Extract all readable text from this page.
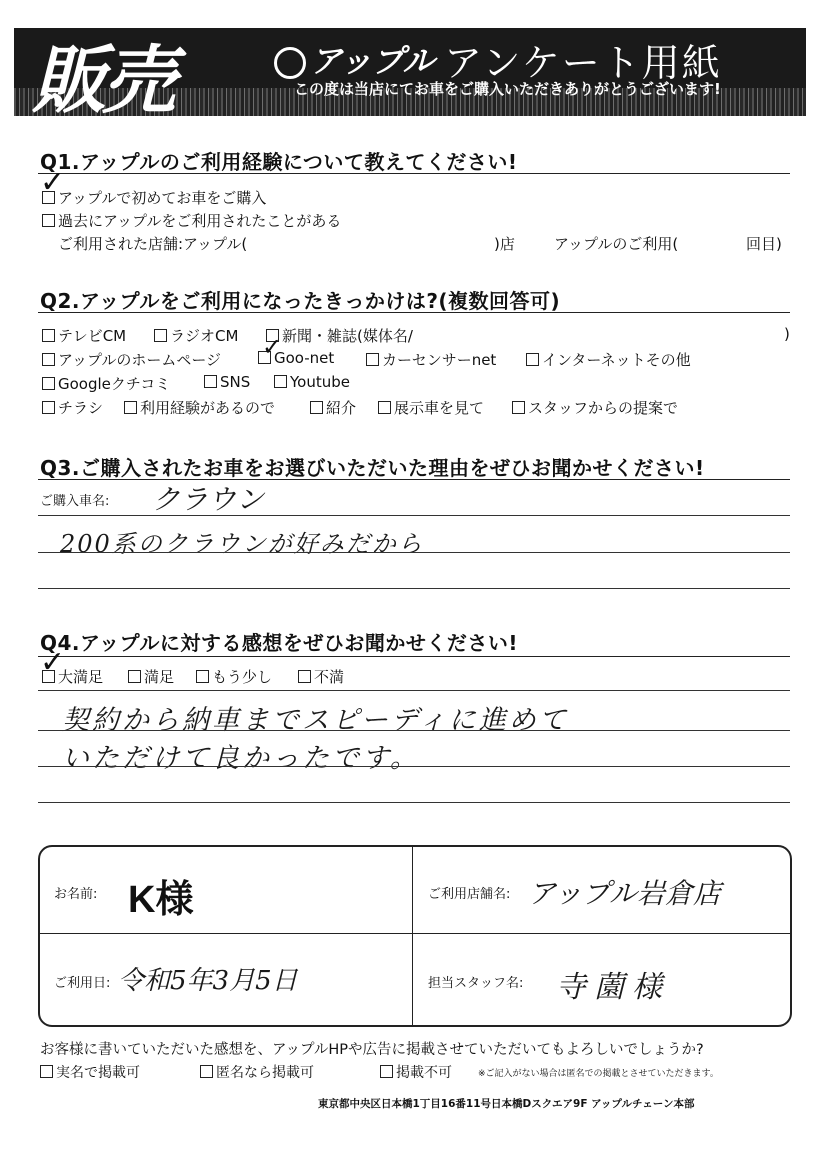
販売	アップル アンケート用紙
この度は当店にてお車をご購入いただきありがとうございます!
Q1.アップルのご利用経験について教えてください!
アップルで初めてお車をご購入
✓
過去にアップルをご利用されたことがある
ご利用された店舗:アップル(	)店	アップルのご利用(	回目)
Q2.アップルをご利用になったきっかけは?(複数回答可)
テレビCM	ラジオCM	新聞・雑誌(媒体名/	)
アップルのホームページ	Goo-net
✓	カーセンサーnet	インターネットその他
Googleクチコミ	SNS	Youtube
チラシ	利用経験があるので	紹介	展示車を見て	スタッフからの提案で
Q3.ご購入されたお車をお選びいただいた理由をぜひお聞かせください!
ご購入車名: クラウン
200系のクラウンが好みだから
Q4.アップルに対する感想をぜひお聞かせください!
大満足
✓	満足	もう少し	不満
契約から納車までスピーディに進めて
いただけて良かったです。
お名前: K様	ご利用店舗名: アップル岩倉店
ご利用日: 令和5年3月5日	担当スタッフ名: 寺薗様
お客様に書いていただいた感想を、アップルHPや広告に掲載させていただいてもよろしいでしょうか?
実名で掲載可	匿名なら掲載可	掲載不可	※ご記入がない場合は匿名での掲載とさせていただきます。
東京都中央区日本橋1丁目16番11号日本橋Dスクエア9F アップルチェーン本部
